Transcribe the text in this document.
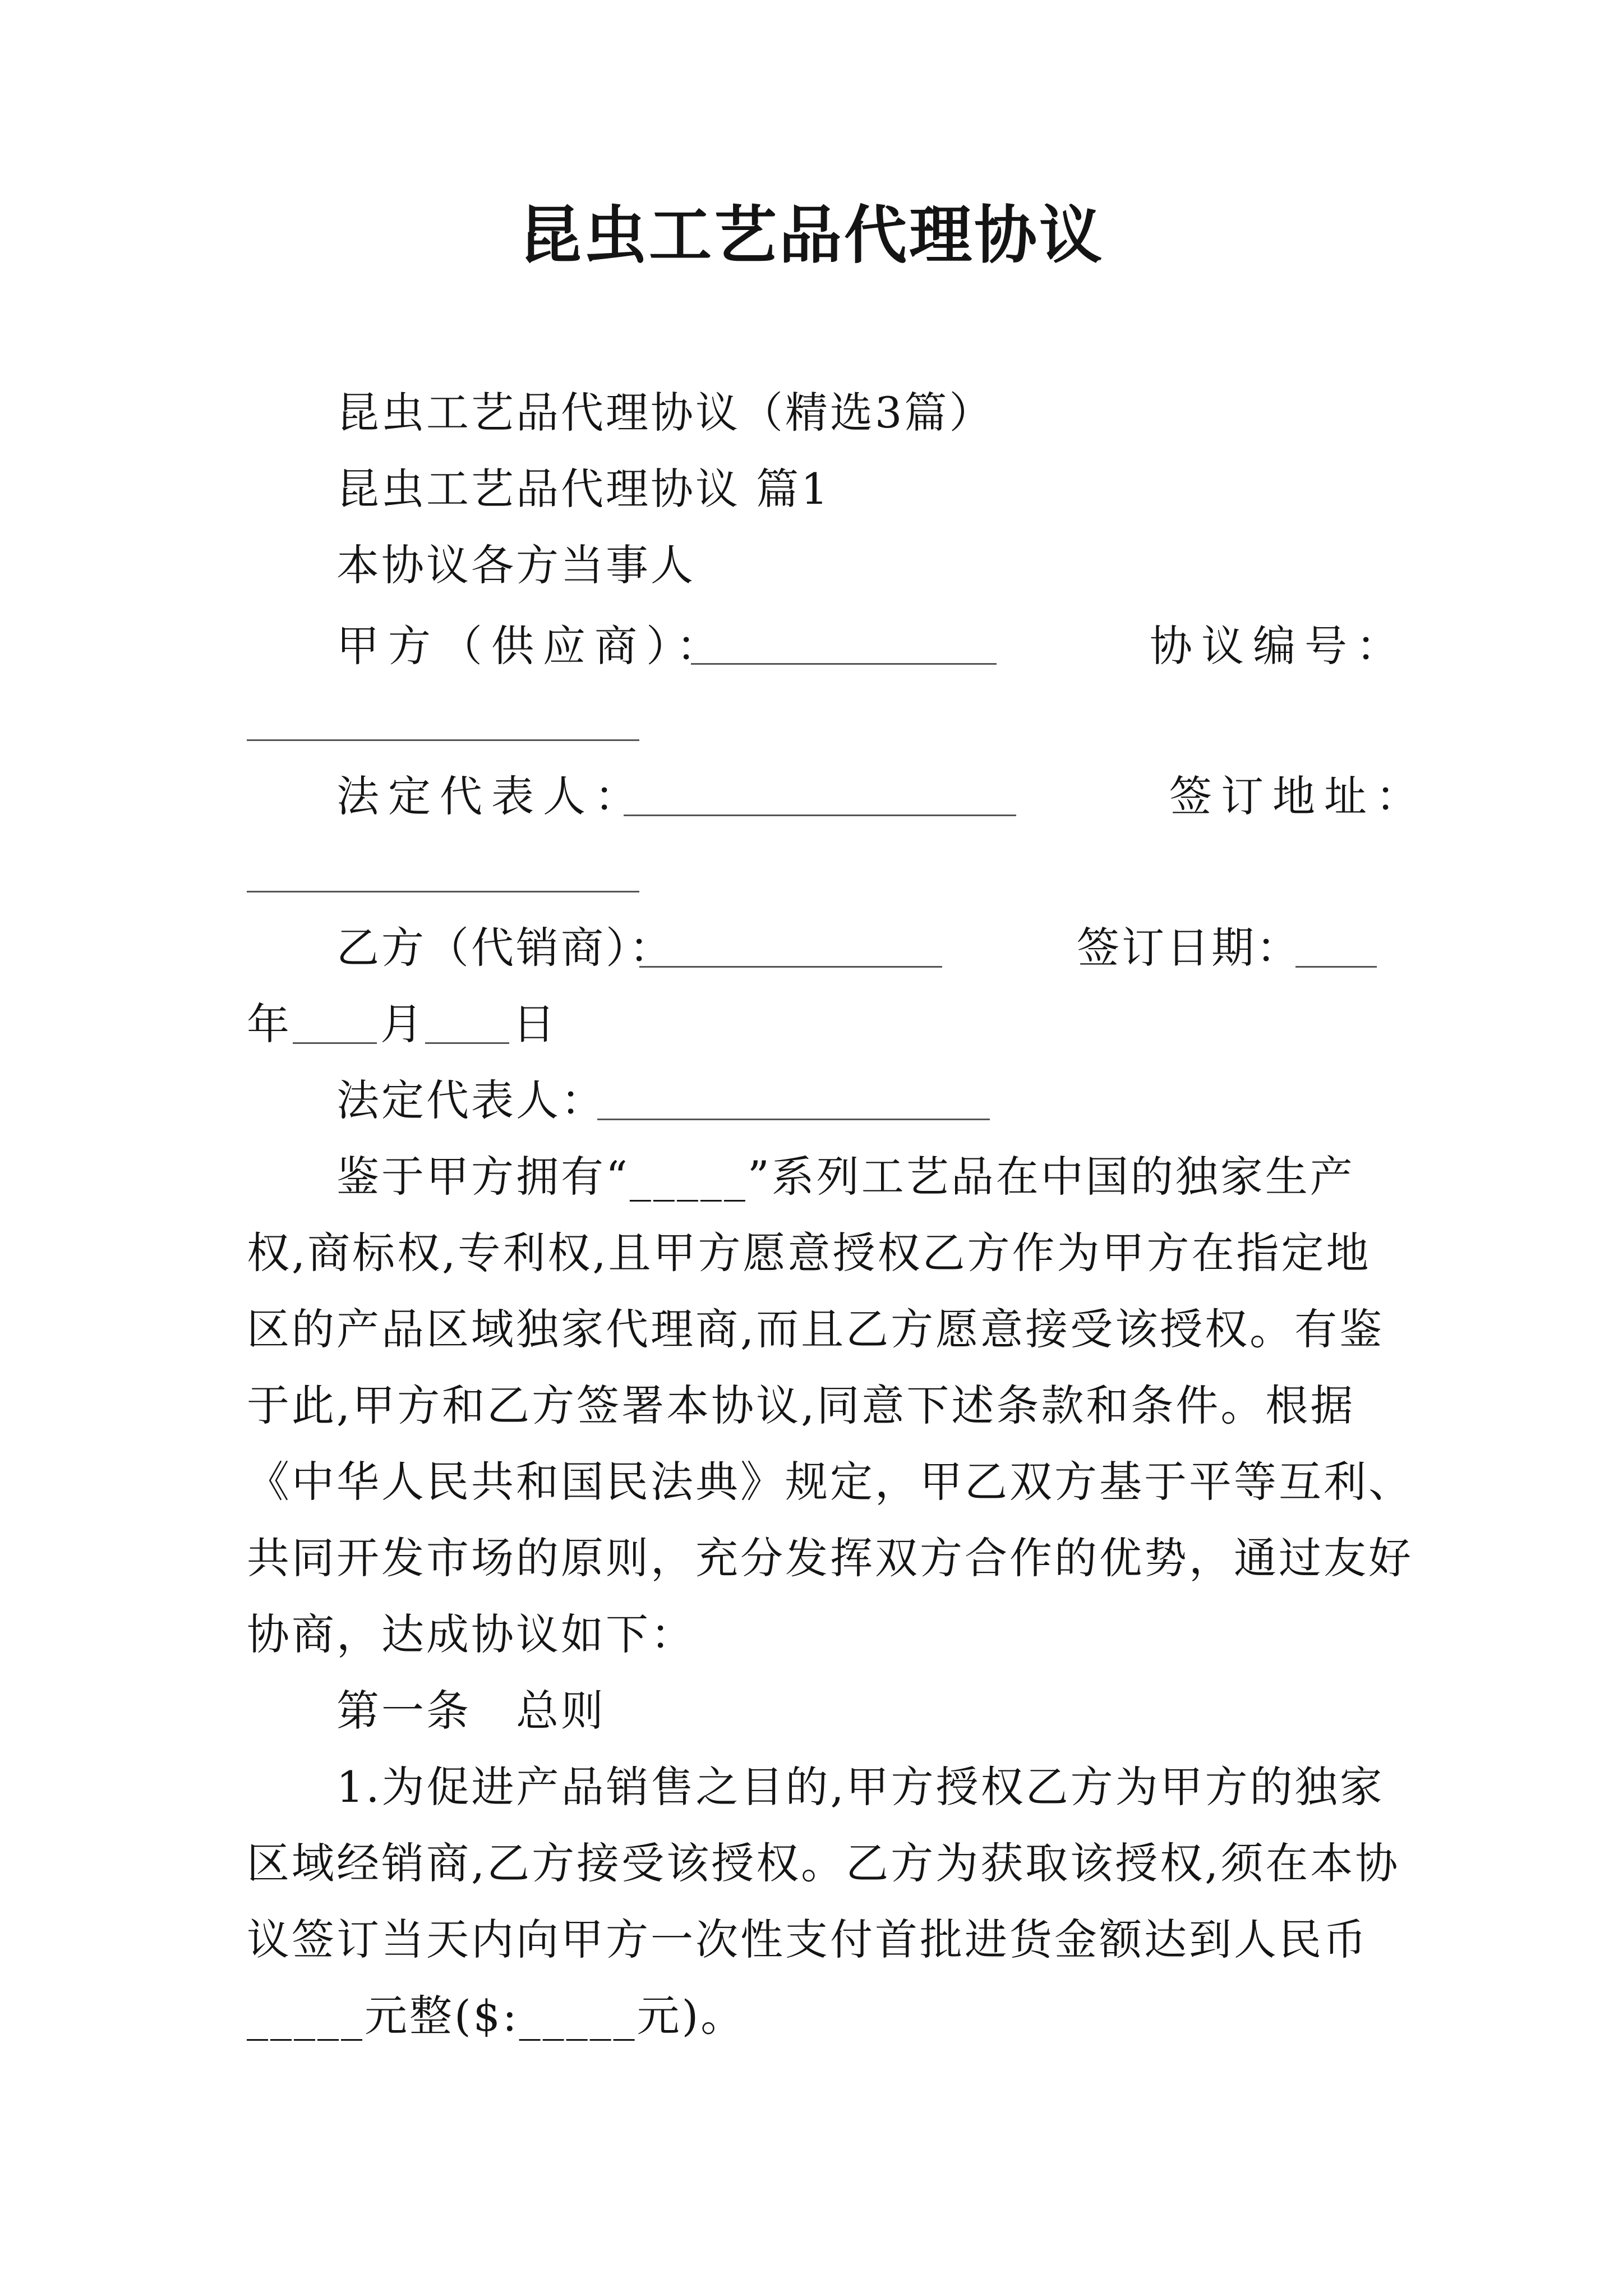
昆虫工艺品代理协议
昆虫工艺品代理协议（精选3篇）
昆虫工艺品代理协议 篇1
本协议各方当事人
甲方（供应商）：	协议编号：
法定代表人：	签订地址：
乙方（代销商）：	签订日期：
年 月 日
法定代表人：
鉴于甲方拥有“_____”系列工艺品在中国的独家生产
权,商标权,专利权,且甲方愿意授权乙方作为甲方在指定地
区的产品区域独家代理商,而且乙方愿意接受该授权。有鉴
于此,甲方和乙方签署本协议,同意下述条款和条件。根据
《中华人民共和国民法典》规定，甲乙双方基于平等互利、
共同开发市场的原则，充分发挥双方合作的优势，通过友好
协商，达成协议如下：
第一条　总则
1.为促进产品销售之目的,甲方授权乙方为甲方的独家
区域经销商,乙方接受该授权。乙方为获取该授权,须在本协
议签订当天内向甲方一次性支付首批进货金额达到人民币
_____元整($:_____元)。
